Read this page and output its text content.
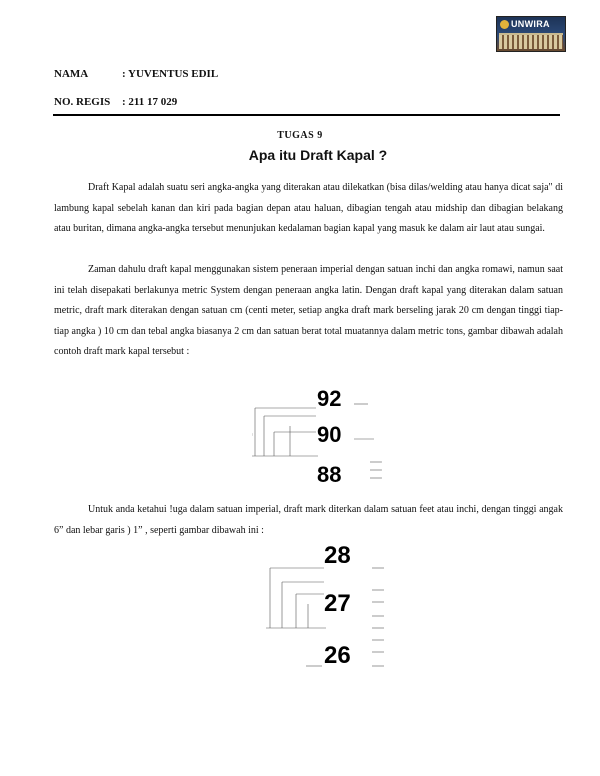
UNWIRA
NAMA	: YUVENTUS EDIL
NO. REGIS : 211 17 029
TUGAS 9
Apa itu Draft Kapal ?

Draft Kapal adalah suatu seri angka-angka yang diterakan atau dilekatkan (bisa dilas/welding atau hanya dicat saja" di lambung kapal sebelah kanan dan kiri pada bagian depan atau haluan, dibagian tengah atau midship dan dibagian belakang atau buritan, dimana angka-angka tersebut menunjukan kedalaman bagian kapal yang masuk ke dalam air laut atau sungai.

Zaman dahulu draft kapal menggunakan sistem peneraan imperial dengan satuan inchi dan angka romawi, namun saat ini telah disepakati berlakunya metric System dengan peneraan angka latin. Dengan draft kapal yang diterakan dalam satuan metric, draft mark diterakan dengan satuan cm (centi meter, setiap angka draft mark berseling jarak 20 cm dengan tinggi tiap-tiap angka ) 10 cm dan tebal angka biasanya 2 cm dan satuan berat total muatannya dalam metric tons, gambar dibawah adalah contoh draft mark kapal tersebut :

—
92
90
88

Untuk anda ketahui !uga dalam satuan imperial, draft mark diterkan dalam satuan feet atau inchi, dengan tinggi angak 6” dan lebar garis ) 1” , seperti gambar dibawah ini :

28
27
26
